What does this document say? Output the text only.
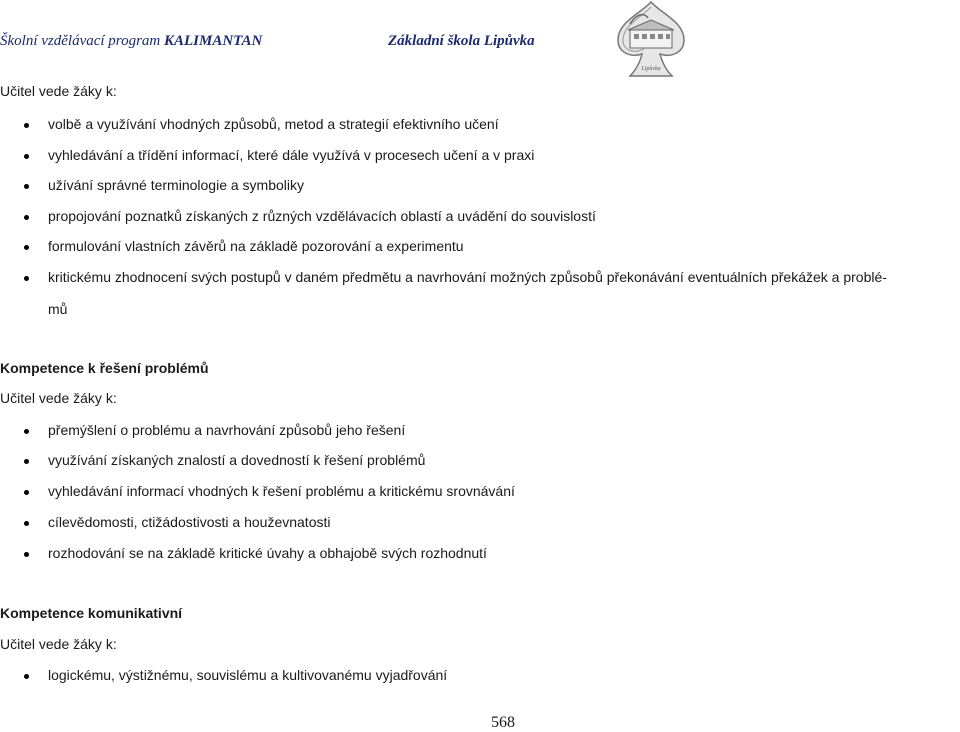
Školní vzdělávací program KALIMANTAN	Základní škola Lipůvka
Lipůvka
Učitel vede žáky k:
volbě a využívání vhodných způsobů, metod a strategií efektivního učení
vyhledávání a třídění informací, které dále využívá v procesech učení a v praxi
užívání správné terminologie a symboliky
propojování poznatků získaných z různých vzdělávacích oblastí a uvádění do souvislostí
formulování vlastních závěrů na základě pozorování a experimentu
kritickému zhodnocení svých postupů v daném předmětu a navrhování možných způsobů překonávání eventuálních překážek a problé-
mů
Kompetence k řešení problémů
Učitel vede žáky k:
přemýšlení o problému a navrhování způsobů jeho řešení
využívání získaných znalostí a dovedností k řešení problémů
vyhledávání informací vhodných k řešení problému a kritickému srovnávání
cílevědomosti, ctižádostivosti a houževnatosti
rozhodování se na základě kritické úvahy a obhajobě svých rozhodnutí
Kompetence komunikativní
Učitel vede žáky k:
logickému, výstižnému, souvislému a kultivovanému vyjadřování
568
